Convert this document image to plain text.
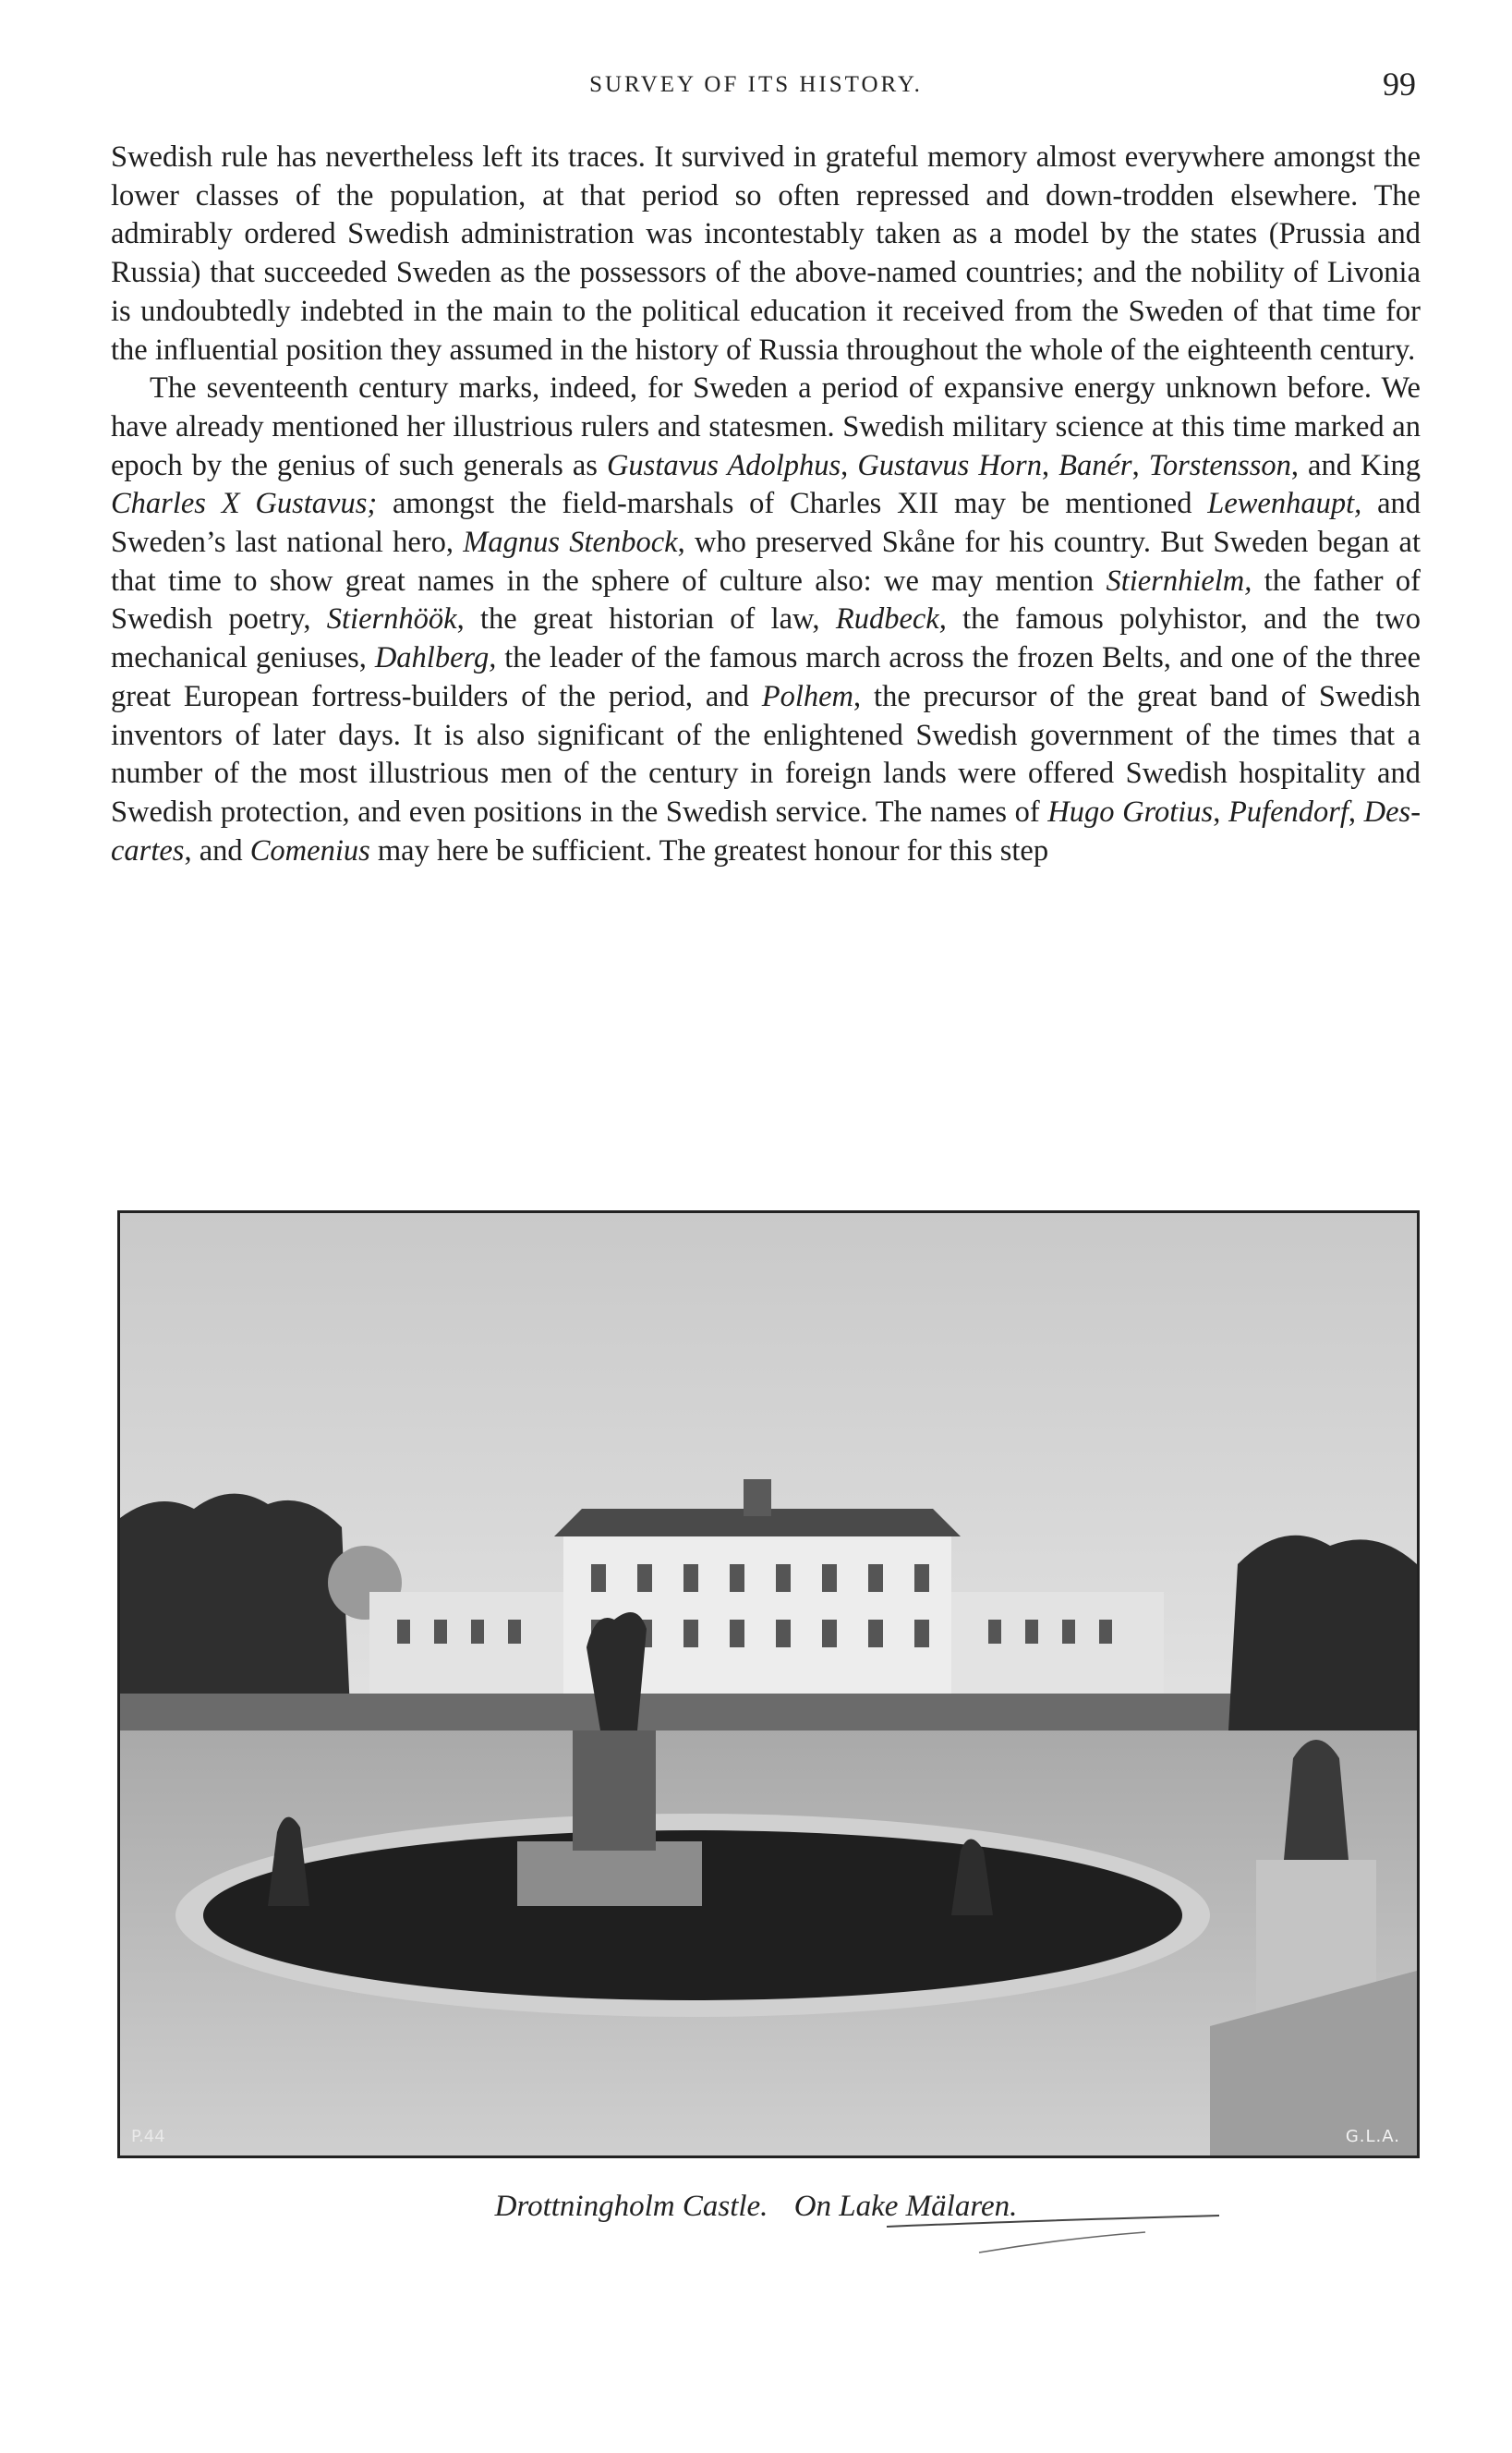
SURVEY OF ITS HISTORY.	99

Swedish rule has nevertheless left its traces. It survived in grateful memory almost everywhere amongst the lower classes of the population, at that period so often repressed and down-trodden elsewhere. The admirably ordered Swedish administration was incontestably taken as a model by the states (Prussia and Russia) that succeeded Sweden as the possessors of the above-named countries; and the nobility of Livonia is undoubtedly indebted in the main to the political education it received from the Sweden of that time for the influential position they assumed in the history of Russia throughout the whole of the eighteenth century.

The seventeenth century marks, indeed, for Sweden a period of expansive energy unknown before. We have already mentioned her illustrious rulers and statesmen. Swedish military science at this time marked an epoch by the genius of such generals as Gustavus Adolphus, Gustavus Horn, Banér, Torstensson, and King Charles X Gustavus; amongst the field-marshals of Charles XII may be mentioned Lewenhaupt, and Sweden’s last national hero, Magnus Stenbock, who preserved Skåne for his country. But Sweden began at that time to show great names in the sphere of culture also: we may mention Stiernhielm, the father of Swedish poetry, Stiernhöök, the great historian of law, Rudbeck, the famous polyhistor, and the two mechanical geniuses, Dahlberg, the leader of the famous march across the frozen Belts, and one of the three great European fortress-builders of the period, and Polhem, the precursor of the great band of Swedish inventors of later days. It is also significant of the enlightened Swedish government of the times that a number of the most illustrious men of the century in foreign lands were offered Swedish hospitality and Swedish protection, and even positions in the Swedish service. The names of Hugo Grotius, Pufendorf, Descartes, and Comenius may here be sufficient. The greatest honour for this step

P.44	G.L.A.
Drottningholm Castle. On Lake Mälaren.
